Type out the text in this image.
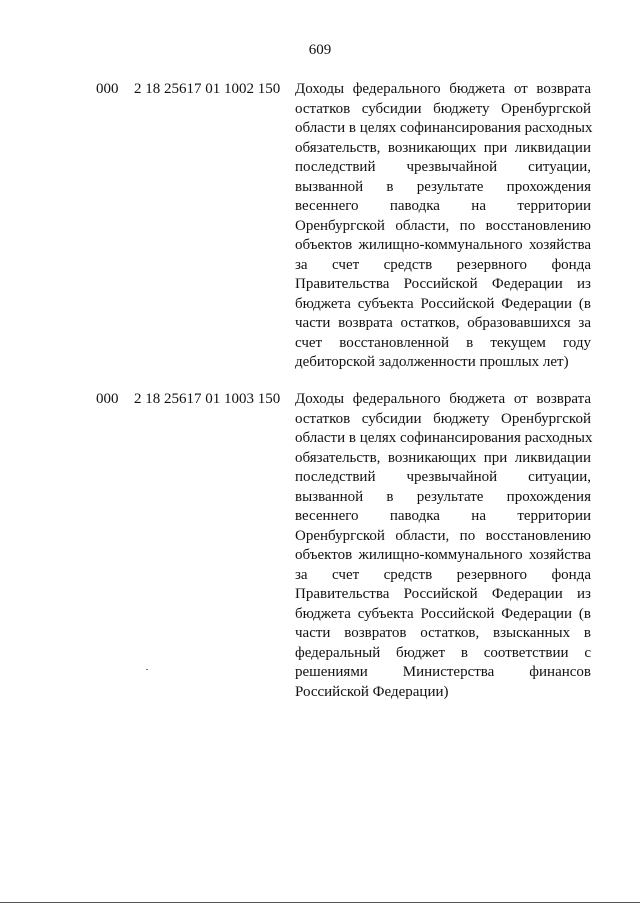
609
000 2 18 25617 01 1002 150 Доходы федерального бюджета от возврата
остатков субсидии бюджету Оренбургской
области в целях софинансирования расходных
обязательств, возникающих при ликвидации
последствий чрезвычайной ситуации,
вызванной в результате прохождения
весеннего паводка на территории
Оренбургской области, по восстановлению
объектов жилищно-коммунального хозяйства
за счет средств резервного фонда
Правительства Российской Федерации из
бюджета субъекта Российской Федерации (в
части возврата остатков, образовавшихся за
счет восстановленной в текущем году
дебиторской задолженности прошлых лет)
000 2 18 25617 01 1003 150 Доходы федерального бюджета от возврата
остатков субсидии бюджету Оренбургской
области в целях софинансирования расходных
обязательств, возникающих при ликвидации
последствий чрезвычайной ситуации,
вызванной в результате прохождения
весеннего паводка на территории
Оренбургской области, по восстановлению
объектов жилищно-коммунального хозяйства
за счет средств резервного фонда
Правительства Российской Федерации из
бюджета субъекта Российской Федерации (в
части возвратов остатков, взысканных в
федеральный бюджет в соответствии с
решениями Министерства финансов
Российской Федерации)
